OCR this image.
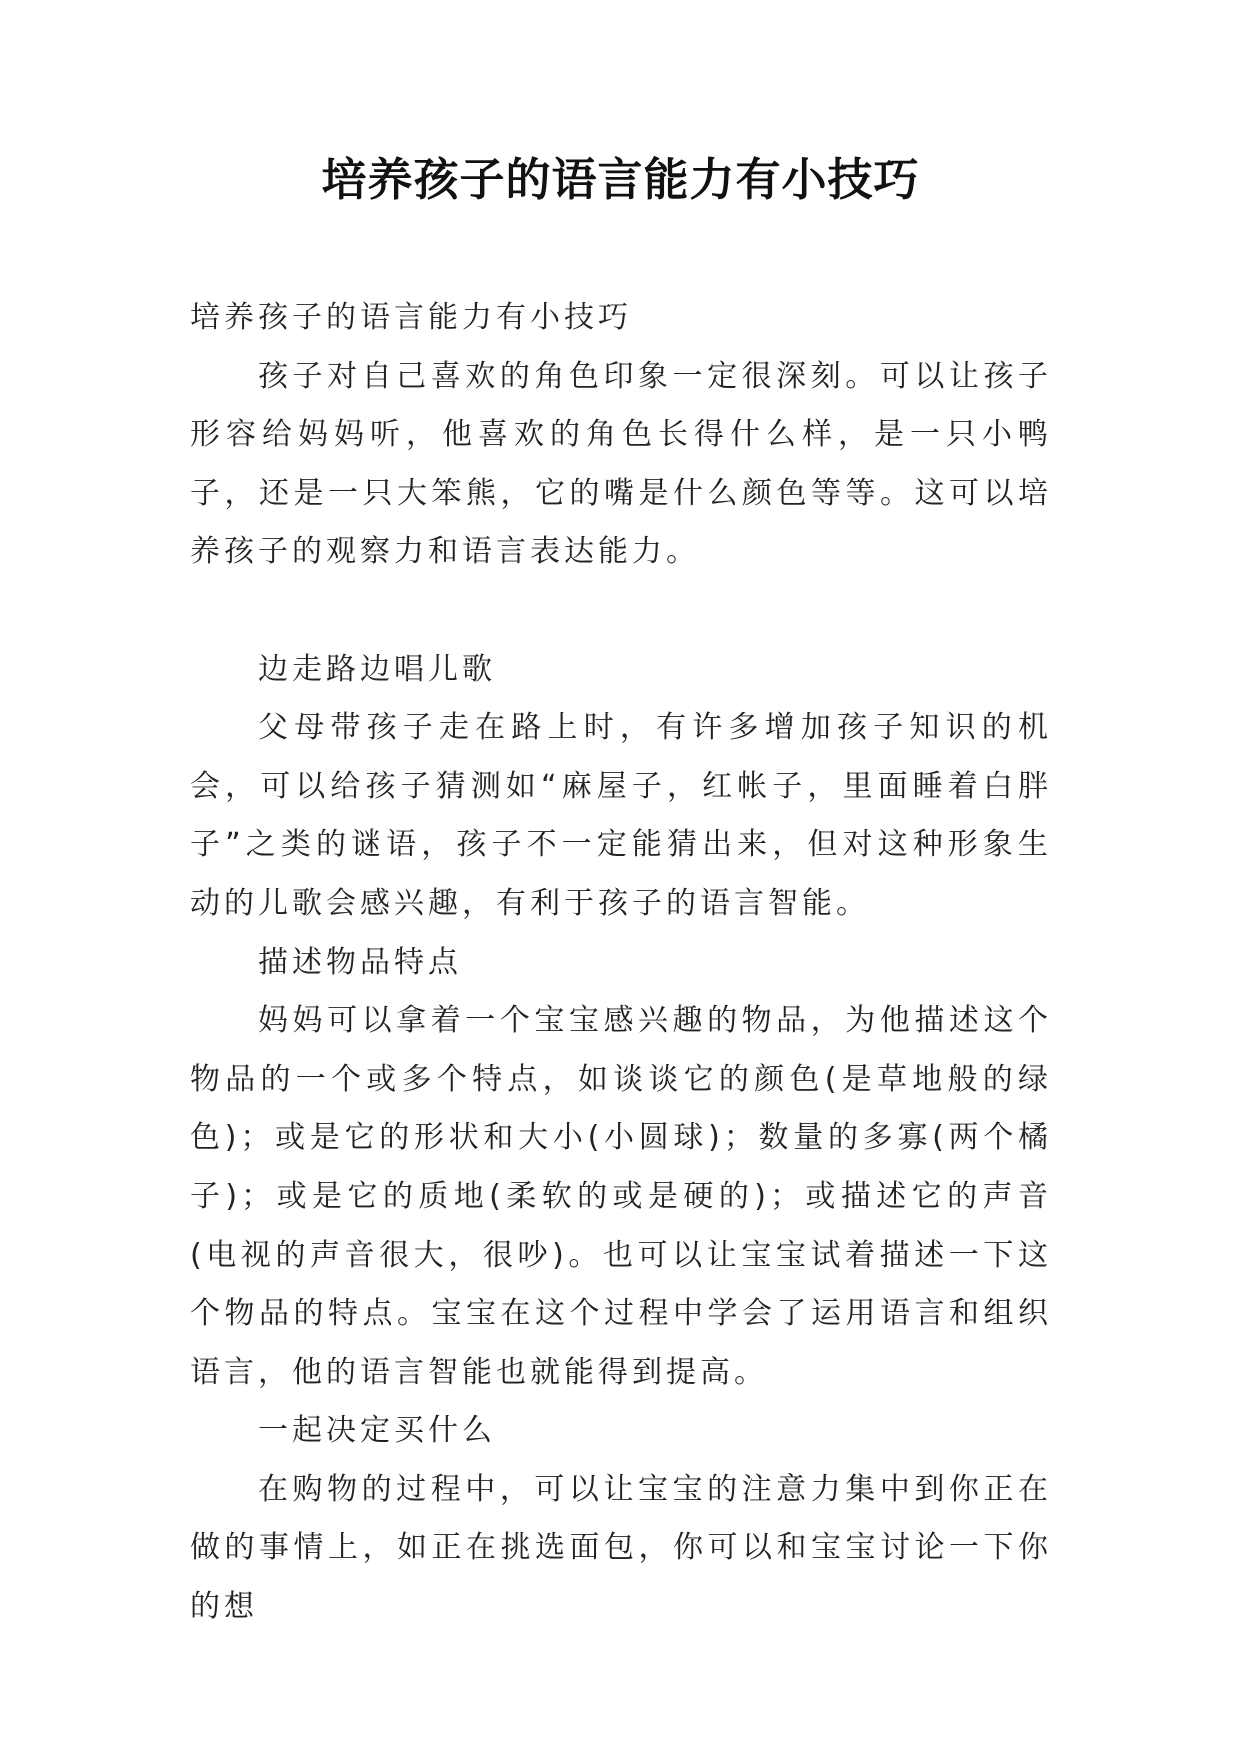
培养孩子的语言能力有小技巧

培养孩子的语言能力有小技巧

孩子对自己喜欢的角色印象一定很深刻。可以让孩子形容给妈妈听，他喜欢的角色长得什么样，是一只小鸭子，还是一只大笨熊，它的嘴是什么颜色等等。这可以培养孩子的观察力和语言表达能力。

边走路边唱儿歌

父母带孩子走在路上时，有许多增加孩子知识的机会，可以给孩子猜测如“麻屋子，红帐子，里面睡着白胖子”之类的谜语，孩子不一定能猜出来，但对这种形象生动的儿歌会感兴趣，有利于孩子的语言智能。

描述物品特点

妈妈可以拿着一个宝宝感兴趣的物品，为他描述这个物品的一个或多个特点，如谈谈它的颜色(是草地般的绿色)；或是它的形状和大小(小圆球)；数量的多寡(两个橘子)；或是它的质地(柔软的或是硬的)；或描述它的声音(电视的声音很大，很吵)。也可以让宝宝试着描述一下这个物品的特点。宝宝在这个过程中学会了运用语言和组织语言，他的语言智能也就能得到提高。

一起决定买什么

在购物的过程中，可以让宝宝的注意力集中到你正在做的事情上，如正在挑选面包，你可以和宝宝讨论一下你的想
